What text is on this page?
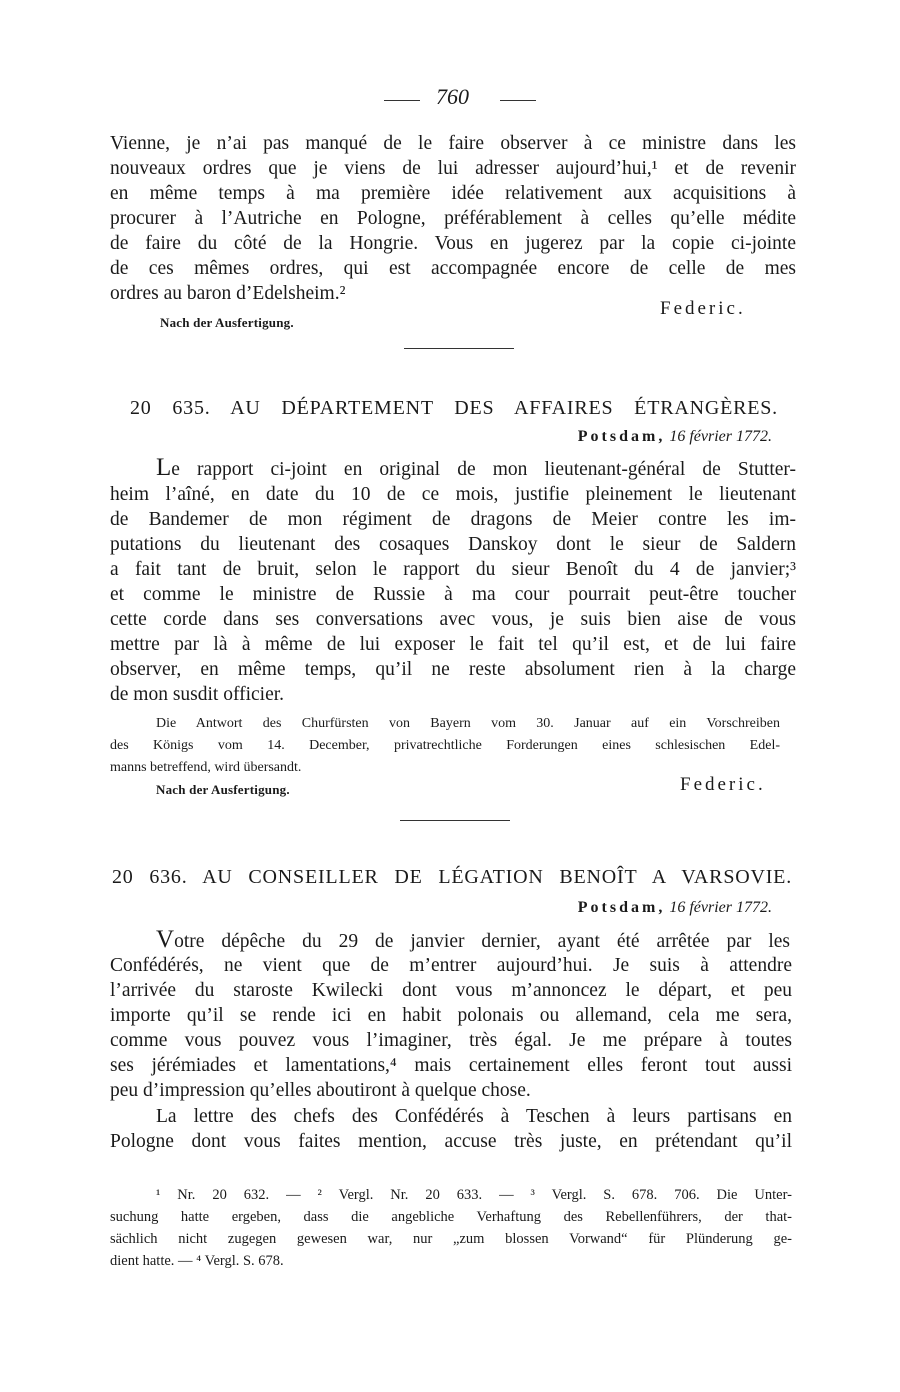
760
Vienne, je n’ai pas manqué de le faire observer à ce ministre dans les
nouveaux ordres que je viens de lui adresser aujourd’hui,¹ et de revenir
en même temps à ma première idée relativement aux acquisitions à
procurer à l’Autriche en Pologne, préférablement à celles qu’elle médite
de faire du côté de la Hongrie. Vous en jugerez par la copie ci-jointe
de ces mêmes ordres, qui est accompagnée encore de celle de mes
ordres au baron d’Edelsheim.²
Federic.
Nach der Ausfertigung.
20 635. AU DÉPARTEMENT DES AFFAIRES ÉTRANGÈRES.
Potsdam, 16 février 1772.
Le rapport ci-joint en original de mon lieutenant-général de Stutter-
heim l’aîné, en date du 10 de ce mois, justifie pleinement le lieutenant
de Bandemer de mon régiment de dragons de Meier contre les im-
putations du lieutenant des cosaques Danskoy dont le sieur de Saldern
a fait tant de bruit, selon le rapport du sieur Benoît du 4 de janvier;³
et comme le ministre de Russie à ma cour pourrait peut-être toucher
cette corde dans ses conversations avec vous, je suis bien aise de vous
mettre par là à même de lui exposer le fait tel qu’il est, et de lui faire
observer, en même temps, qu’il ne reste absolument rien à la charge
de mon susdit officier.
Die Antwort des Churfürsten von Bayern vom 30. Januar auf ein Vorschreiben
des Königs vom 14. December, privatrechtliche Forderungen eines schlesischen Edel-
manns betreffend, wird übersandt.
Nach der Ausfertigung.	Federic.
20 636. AU CONSEILLER DE LÉGATION BENOÎT A VARSOVIE.
Potsdam, 16 février 1772.
Votre dépêche du 29 de janvier dernier, ayant été arrêtée par les
Confédérés, ne vient que de m’entrer aujourd’hui. Je suis à attendre
l’arrivée du staroste Kwilecki dont vous m’annoncez le départ, et peu
importe qu’il se rende ici en habit polonais ou allemand, cela me sera,
comme vous pouvez vous l’imaginer, très égal. Je me prépare à toutes
ses jérémiades et lamentations,⁴ mais certainement elles feront tout aussi
peu d’impression qu’elles aboutiront à quelque chose.
La lettre des chefs des Confédérés à Teschen à leurs partisans en
Pologne dont vous faites mention, accuse très juste, en prétendant qu’il
¹ Nr. 20 632. — ² Vergl. Nr. 20 633. — ³ Vergl. S. 678. 706. Die Unter-
suchung hatte ergeben, dass die angebliche Verhaftung des Rebellenführers, der that-
sächlich nicht zugegen gewesen war, nur „zum blossen Vorwand“ für Plünderung ge-
dient hatte. — ⁴ Vergl. S. 678.
